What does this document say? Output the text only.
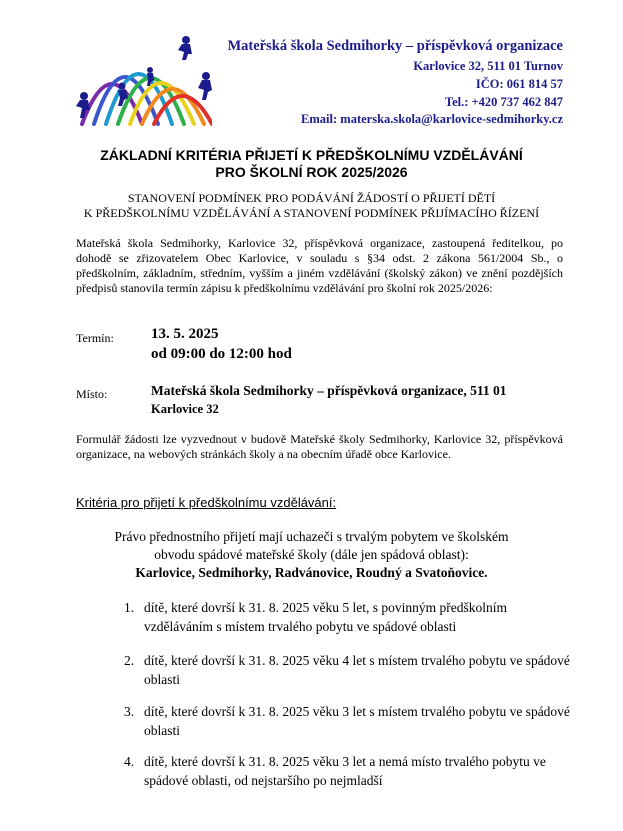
Mateřská škola Sedmihorky – příspěvková organizace
Karlovice 32, 511 01 Turnov
IČO: 061 814 57
Tel.: +420 737 462 847
Email: materska.skola@karlovice-sedmihorky.cz
ZÁKLADNÍ KRITÉRIA PŘIJETÍ K PŘEDŠKOLNÍMU VZDĚLÁVÁNÍ
PRO ŠKOLNÍ ROK 2025/2026
STANOVENÍ PODMÍNEK PRO PODÁVÁNÍ ŽÁDOSTÍ O PŘIJETÍ DĚTÍ
K PŘEDŠKOLNÍMU VZDĚLÁVÁNÍ A STANOVENÍ PODMÍNEK PŘIJÍMACÍHO ŘÍZENÍ
Mateřská škola Sedmihorky, Karlovice 32, příspěvková organizace, zastoupená ředitelkou, po dohodě se zřizovatelem Obec Karlovice, v souladu s §34 odst. 2 zákona 561/2004 Sb., o předškolním, základním, středním, vyšším a jiném vzdělávání (školský zákon) ve znění pozdějších předpisů stanovila termín zápisu k předškolnímu vzdělávání pro školní rok 2025/2026:
Termín: 13. 5. 2025
od 09:00 do 12:00 hod
Místo:	Mateřská škola Sedmihorky – příspěvková organizace, 511 01
Karlovice 32
Formulář žádosti lze vyzvednout v budově Mateřské školy Sedmihorky, Karlovice 32, příspěvková organizace, na webových stránkách školy a na obecním úřadě obce Karlovice.
Kritéria pro přijetí k předškolnímu vzdělávání:
Právo přednostního přijetí mají uchazeči s trvalým pobytem ve školském
obvodu spádové mateřské školy (dále jen spádová oblast):
Karlovice, Sedmihorky, Radvánovice, Roudný a Svatoňovice.
1. dítě, které dovrší k 31. 8. 2025 věku 5 let, s povinným předškolním vzděláváním s místem trvalého pobytu ve spádové oblasti
2. dítě, které dovrší k 31. 8. 2025 věku 4 let s místem trvalého pobytu ve spádové oblasti
3. dítě, které dovrší k 31. 8. 2025 věku 3 let s místem trvalého pobytu ve spádové oblasti
4. dítě, které dovrší k 31. 8. 2025 věku 3 let a nemá místo trvalého pobytu ve spádové oblasti, od nejstaršího po nejmladší
